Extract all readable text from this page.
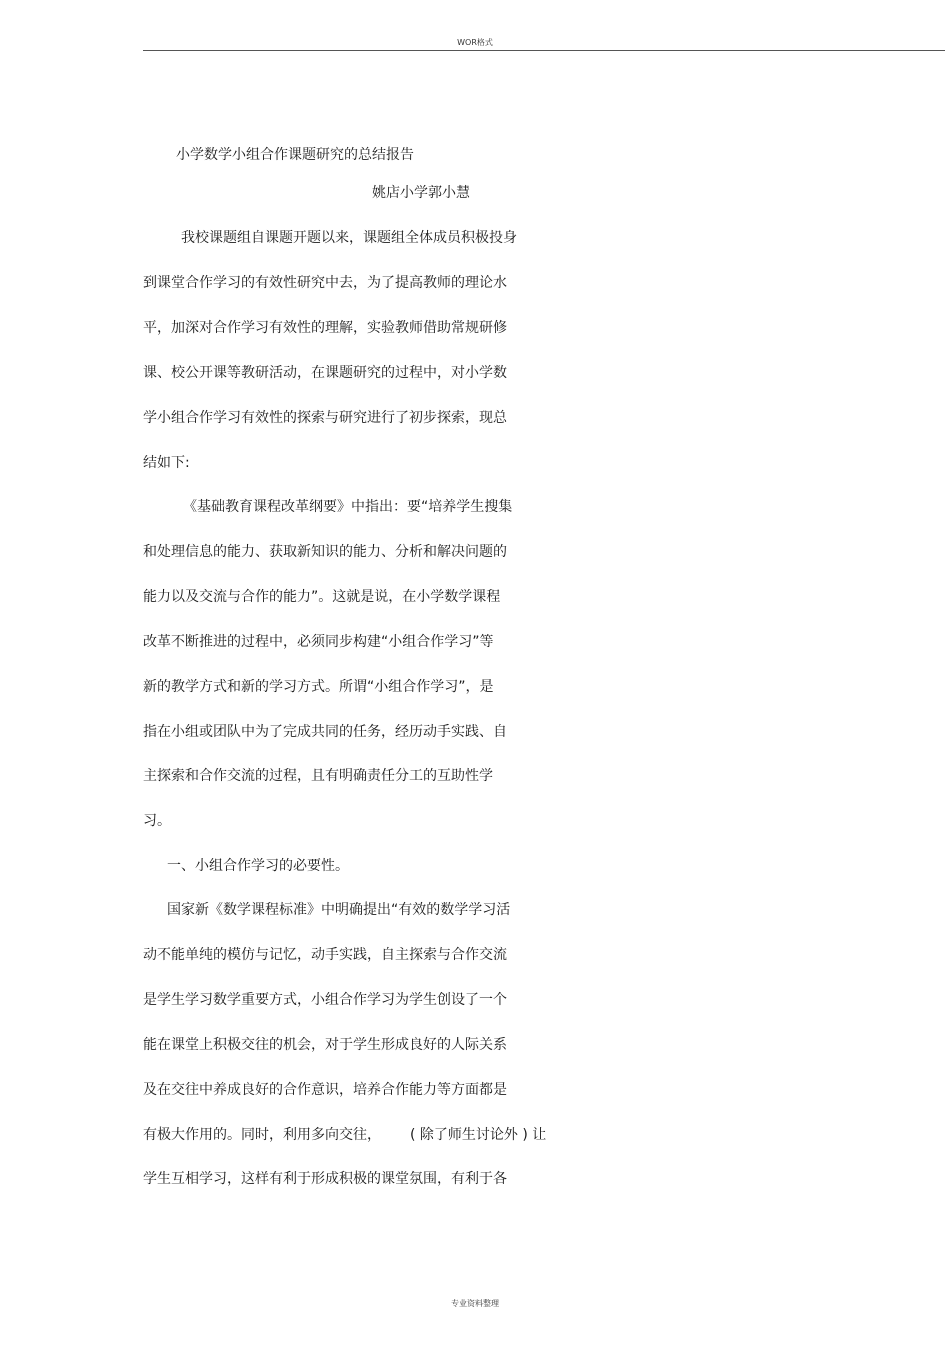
WOR格式
小学数学小组合作课题研究的总结报告
姚店小学郭小慧
我校课题组自课题开题以来，课题组全体成员积极投身
到课堂合作学习的有效性研究中去，为了提高教师的理论水
平，加深对合作学习有效性的理解，实验教师借助常规研修
课、校公开课等教研活动，在课题研究的过程中，对小学数
学小组合作学习有效性的探索与研究进行了初步探索，现总
结如下:
《基础教育课程改革纲要》中指出：要“培养学生搜集
和处理信息的能力、获取新知识的能力、分析和解决问题的
能力以及交流与合作的能力”。这就是说，在小学数学课程
改革不断推进的过程中，必须同步构建“小组合作学习”等
新的教学方式和新的学习方式。所谓“小组合作学习”，是
指在小组或团队中为了完成共同的任务，经历动手实践、自
主探索和合作交流的过程，且有明确责任分工的互助性学
习。
一、小组合作学习的必要性。
国家新《数学课程标准》中明确提出“有效的数学学习活
动不能单纯的模仿与记忆，动手实践，自主探索与合作交流
是学生学习数学重要方式，小组合作学习为学生创设了一个
能在课堂上积极交往的机会，对于学生形成良好的人际关系
及在交往中养成良好的合作意识，培养合作能力等方面都是
有极大作用的。同时，利用多向交往， ( 除了师生讨论外 ) 让
学生互相学习，这样有利于形成积极的课堂氛围，有利于各
专业资料整理
